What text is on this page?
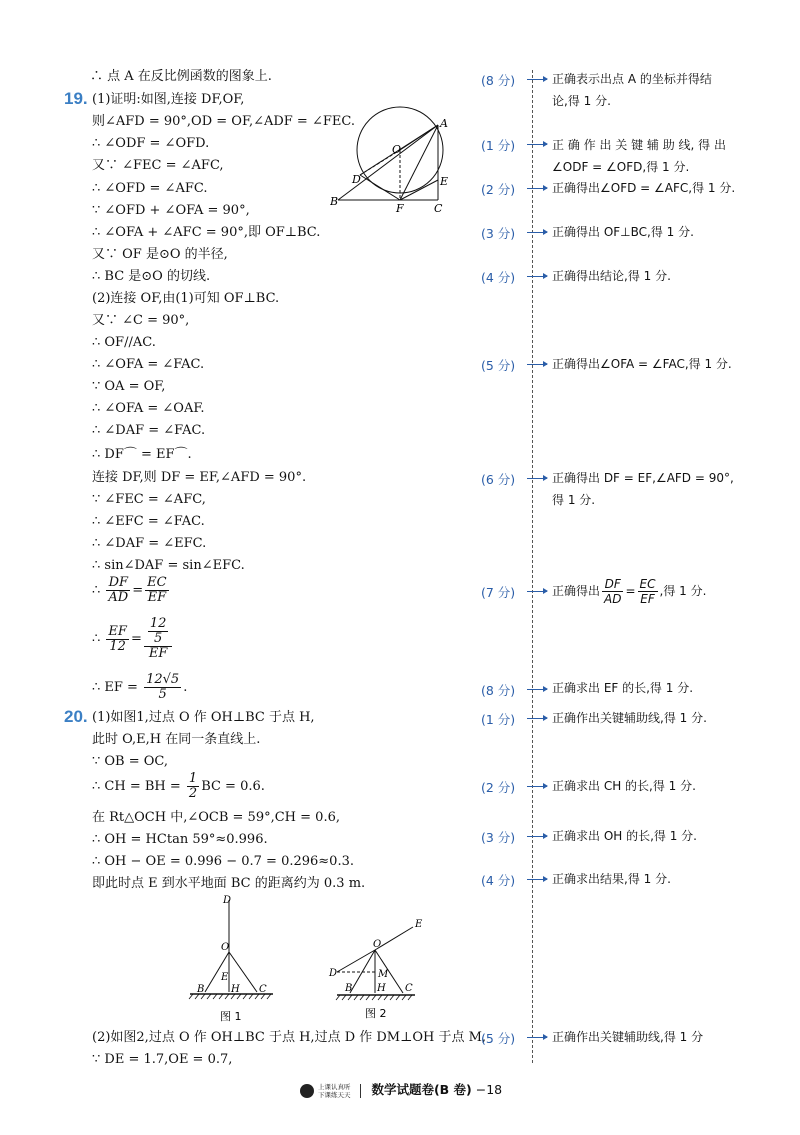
∴ 点 A 在反比例函数的图象上.
19. (1)证明:如图,连接 DF,OF,
则∠AFD = 90°,OD = OF,∠ADF = ∠FEC.
∴ ∠ODF = ∠OFD.
又∵ ∠FEC = ∠AFC,
∴ ∠OFD = ∠AFC.
∵ ∠OFD + ∠OFA = 90°,
∴ ∠OFA + ∠AFC = 90°,即 OF⊥BC.
又∵ OF 是⊙O 的半径,
∴ BC 是⊙O 的切线.
(2)连接 OF,由(1)可知 OF⊥BC.
又∵ ∠C = 90°,
∴ OF//AC.
∴ ∠OFA = ∠FAC.
∵ OA = OF,
∴ ∠OFA = ∠OAF.
∴ ∠DAF = ∠FAC.
∴ DF⌒ = EF⌒.
连接 DF,则 DF = EF,∠AFD = 90°.
∵ ∠FEC = ∠AFC,
∴ ∠EFC = ∠FAC.
∴ ∠DAF = ∠EFC.
∴ sin∠DAF = sin∠EFC.
∴ $\frac{DF}{AD} = \frac{EC}{EF}$
∴ $\frac{EF}{12} = 12$
5
EF
∴ EF = $\frac{12√5}{5}$ .
20. (1)如图1,过点 O 作 OH⊥BC 于点 H,
此时 O,E,H 在同一条直线上.
∵ OB = OC,
∴ CH = BH = $\frac{1}{2}$ BC = 0.6.
在 Rt△OCH 中,∠OCB = 59°,CH = 0.6,
∴ OH = HCtan 59°≈0.996.
∴ OH − OE = 0.996 − 0.7 = 0.296≈0.3.
即此时点 E 到水平地面 BC 的距离约为 0.3 m.
(2)如图2,过点 O 作 OH⊥BC 于点 H,过点 D 作 DM⊥OH 于点 M,
∵ DE = 1.7,OE = 0.7,
A
O
D	E
B
F	C
D
O
E
B	H C
图 1
E
O
D	M
B H C
图 2
(8 分)	正确表示出点 A 的坐标并得结
论,得 1 分.
(1 分)	正 确 作 出 关 键 辅 助 线, 得 出
∠ODF = ∠OFD,得 1 分.
(2 分)	正确得出∠OFD = ∠AFC,得 1 分.
(3 分)	正确得出 OF⊥BC,得 1 分.
(4 分)	正确得出结论,得 1 分.
(5 分)	正确得出∠OFA = ∠FAC,得 1 分.
(6 分)	正确得出 DF = EF,∠AFD = 90°,
得 1 分.
(7 分)	正确得出 $\frac{DF}{AD} = \frac{EC}{EF}$ ,得 1 分.
(8 分)	正确求出 EF 的长,得 1 分.
(1 分)	正确作出关键辅助线,得 1 分.
(2 分)	正确求出 CH 的长,得 1 分.
(3 分)	正确求出 OH 的长,得 1 分.
(4 分)	正确求出结果,得 1 分.
(5 分)	正确作出关键辅助线,得 1 分

上课认真听
下课练天天 数学试题卷(B 卷) −18
